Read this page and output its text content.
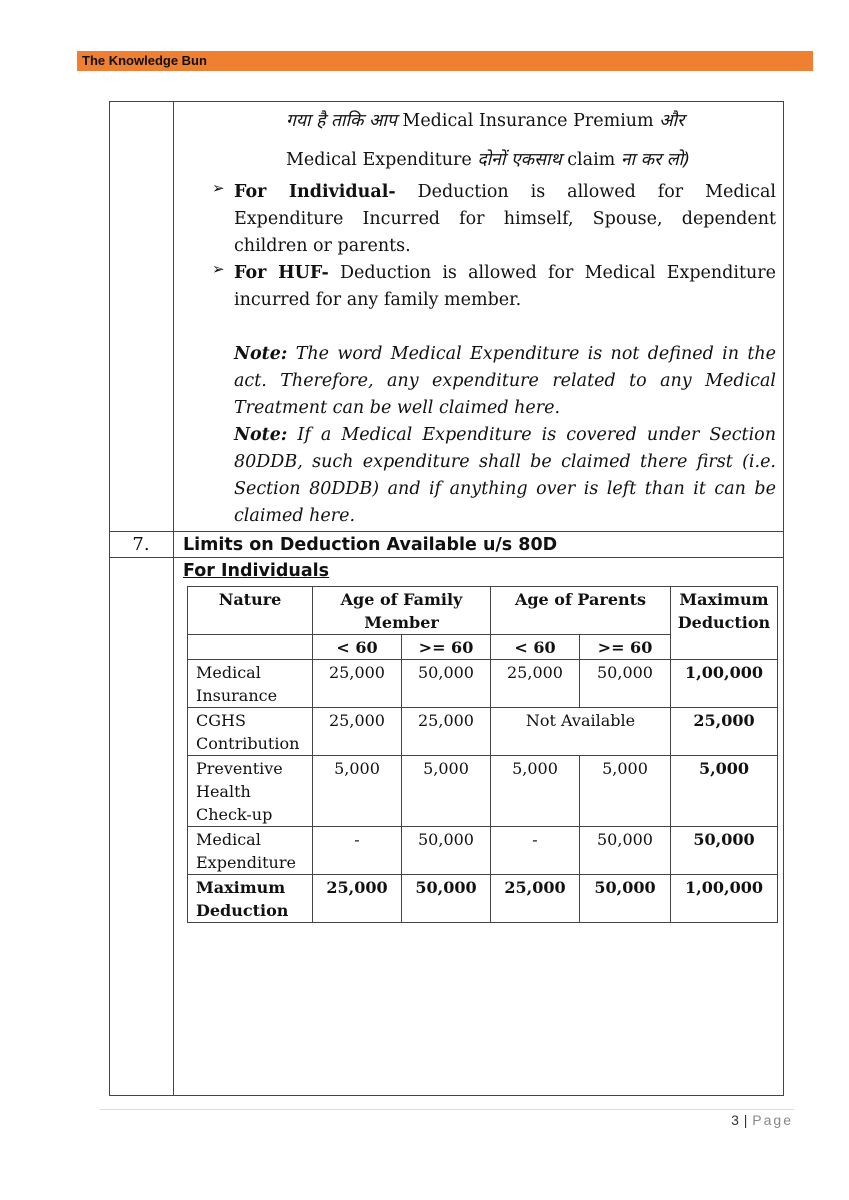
The Knowledge Bun
गया है ताकि आप Medical Insurance Premium और
Medical Expenditure दोनों एकसाथ claim ना कर लो)
➢ For Individual- Deduction is allowed for Medical Expenditure Incurred for himself, Spouse, dependent children or parents.
➢ For HUF- Deduction is allowed for Medical Expenditure incurred for any family member.
Note: The word Medical Expenditure is not defined in the act. Therefore, any expenditure related to any Medical Treatment can be well claimed here.
Note: If a Medical Expenditure is covered under Section 80DDB, such expenditure shall be claimed there first (i.e. Section 80DDB) and if anything over is left than it can be claimed here.
7.	Limits on Deduction Available u/s 80D
For Individuals
Nature	Age of Family Member		Age of Parents		Maximum Deduction
	< 60	>= 60	< 60	>= 60	
Medical Insurance	25,000	50,000	25,000	50,000	1,00,000
CGHS Contribution	25,000	25,000	Not Available		25,000
Preventive Health Check-up	5,000	5,000	5,000	5,000	5,000
Medical Expenditure	-	50,000	-	50,000	50,000
Maximum Deduction	25,000	50,000	25,000	50,000	1,00,000
3 | Page
